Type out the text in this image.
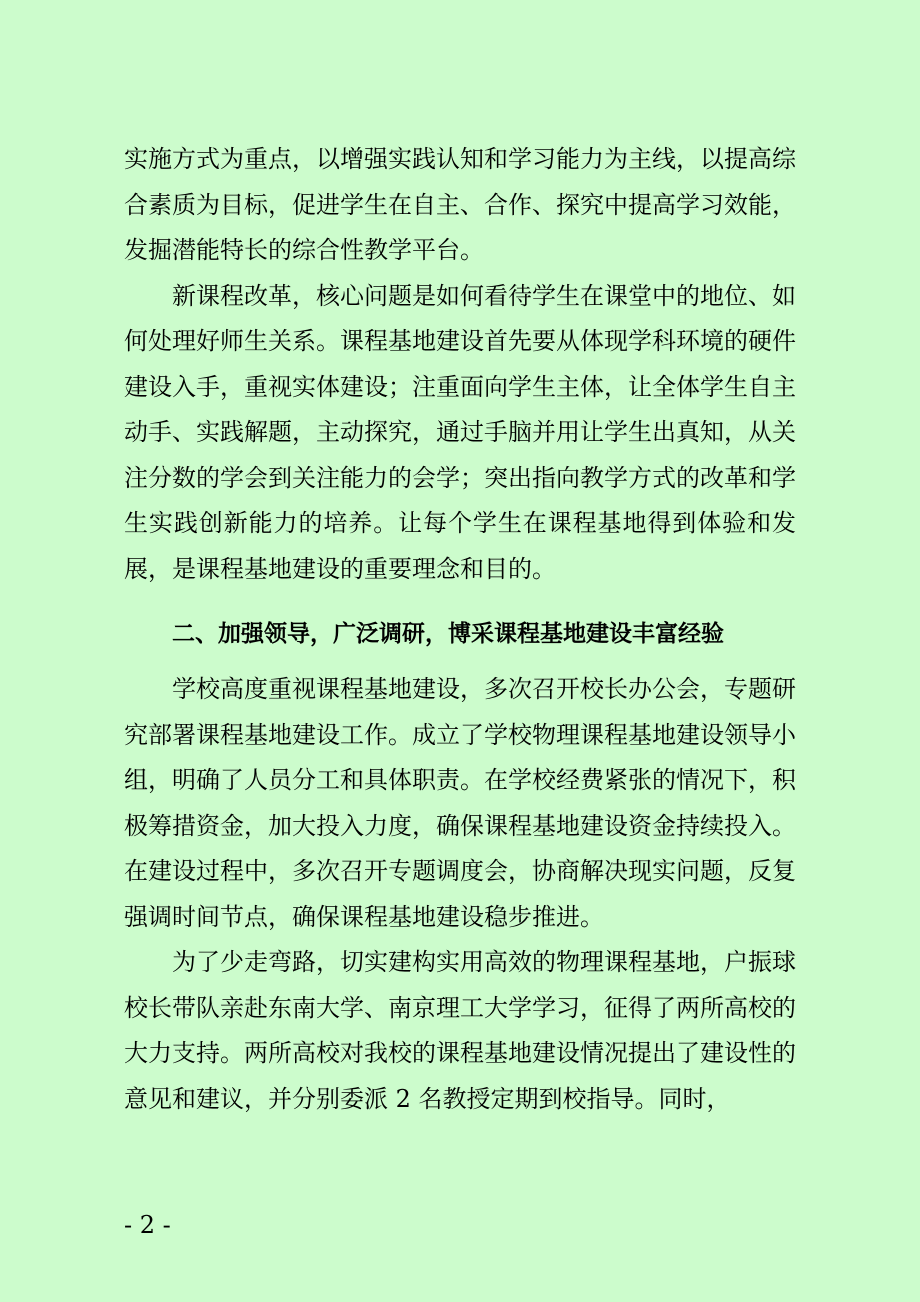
实施方式为重点，以增强实践认知和学习能力为主线，以提高综合素质为目标，促进学生在自主、合作、探究中提高学习效能，发掘潜能特长的综合性教学平台。

新课程改革，核心问题是如何看待学生在课堂中的地位、如何处理好师生关系。课程基地建设首先要从体现学科环境的硬件建设入手，重视实体建设；注重面向学生主体，让全体学生自主动手、实践解题，主动探究，通过手脑并用让学生出真知，从关注分数的学会到关注能力的会学；突出指向教学方式的改革和学生实践创新能力的培养。让每个学生在课程基地得到体验和发展，是课程基地建设的重要理念和目的。

二、加强领导，广泛调研，博采课程基地建设丰富经验

学校高度重视课程基地建设，多次召开校长办公会，专题研究部署课程基地建设工作。成立了学校物理课程基地建设领导小组，明确了人员分工和具体职责。在学校经费紧张的情况下，积极筹措资金，加大投入力度，确保课程基地建设资金持续投入。在建设过程中，多次召开专题调度会，协商解决现实问题，反复强调时间节点，确保课程基地建设稳步推进。

为了少走弯路，切实建构实用高效的物理课程基地，户振球校长带队亲赴东南大学、南京理工大学学习，征得了两所高校的大力支持。两所高校对我校的课程基地建设情况提出了建设性的意见和建议，并分别委派 2 名教授定期到校指导。同时，

- 2 -
